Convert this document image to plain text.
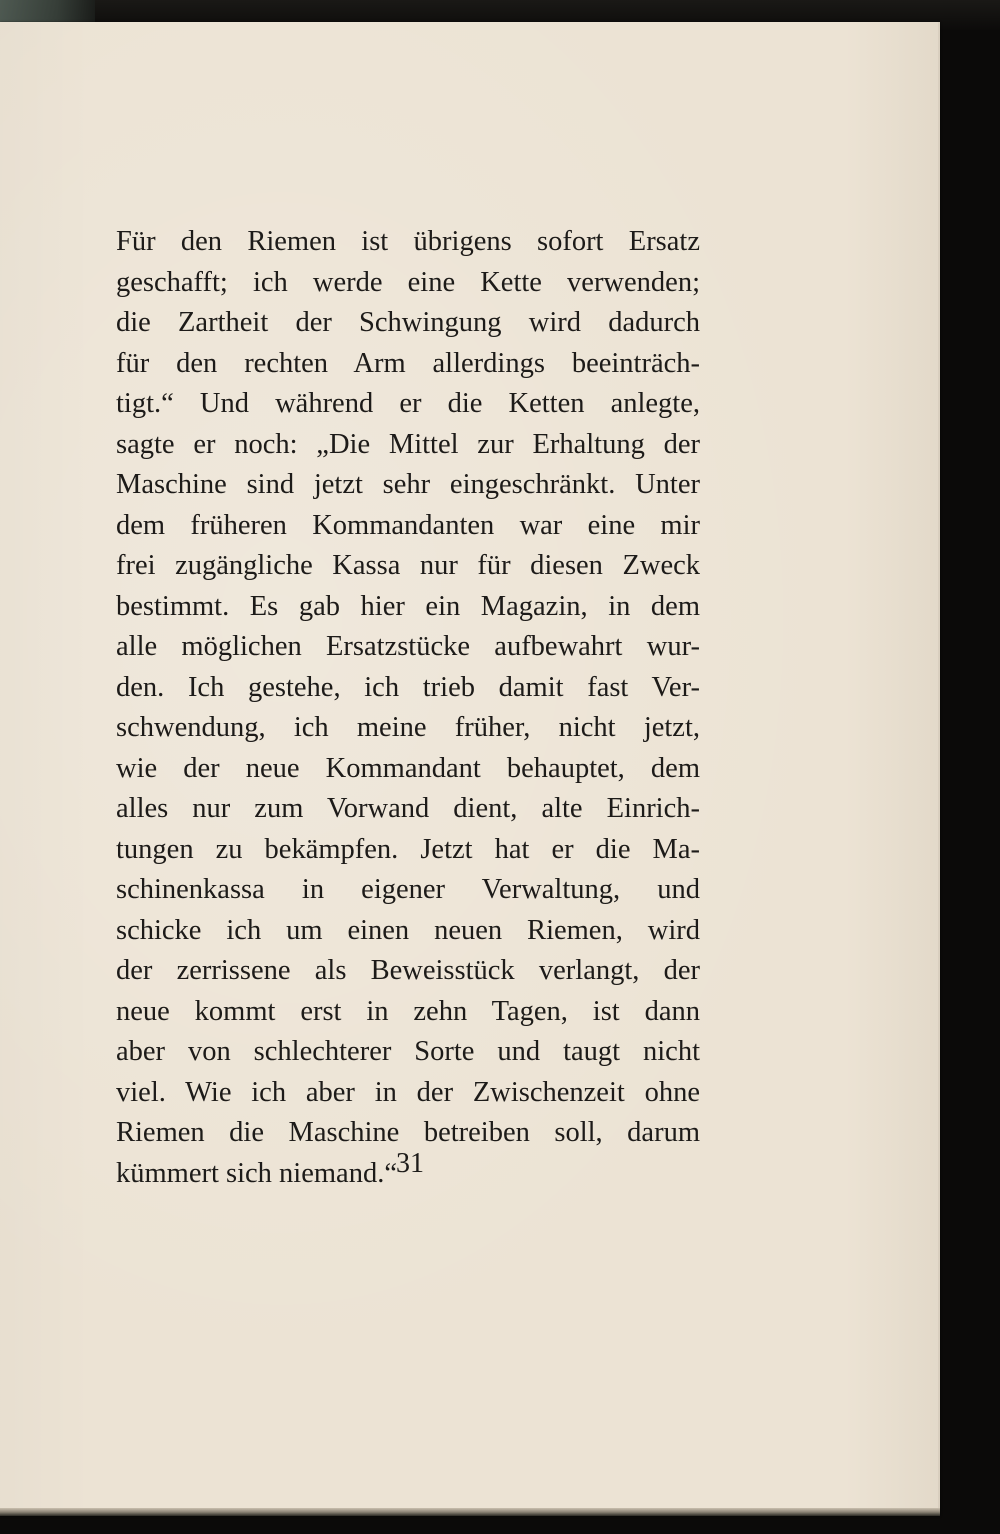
Für den Riemen ist übrigens sofort Ersatz
geschafft; ich werde eine Kette verwenden;
die Zartheit der Schwingung wird dadurch
für den rechten Arm allerdings beeinträch-
tigt.“ Und während er die Ketten anlegte,
sagte er noch: „Die Mittel zur Erhaltung der
Maschine sind jetzt sehr eingeschränkt. Unter
dem früheren Kommandanten war eine mir
frei zugängliche Kassa nur für diesen Zweck
bestimmt. Es gab hier ein Magazin, in dem
alle möglichen Ersatzstücke aufbewahrt wur-
den. Ich gestehe, ich trieb damit fast Ver-
schwendung, ich meine früher, nicht jetzt,
wie der neue Kommandant behauptet, dem
alles nur zum Vorwand dient, alte Einrich-
tungen zu bekämpfen. Jetzt hat er die Ma-
schinenkassa in eigener Verwaltung, und
schicke ich um einen neuen Riemen, wird
der zerrissene als Beweisstück verlangt, der
neue kommt erst in zehn Tagen, ist dann
aber von schlechterer Sorte und taugt nicht
viel. Wie ich aber in der Zwischenzeit ohne
Riemen die Maschine betreiben soll, darum
kümmert sich niemand.“ 31
